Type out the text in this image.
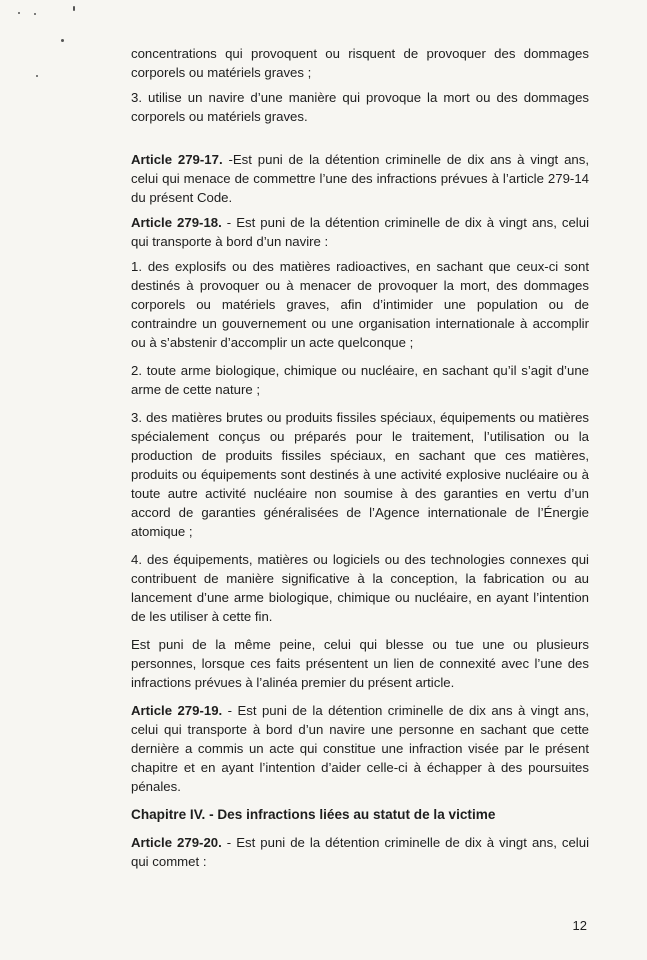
concentrations qui provoquent ou risquent de provoquer des dommages corporels ou matériels graves ;

3. utilise un navire d’une manière qui provoque la mort ou des dommages corporels ou matériels graves.

Article 279-17. -Est puni de la détention criminelle de dix ans à vingt ans, celui qui menace de commettre l’une des infractions prévues à l’article 279-14 du présent Code.

Article 279-18. - Est puni de la détention criminelle de dix à vingt ans, celui qui transporte à bord d’un navire :

1. des explosifs ou des matières radioactives, en sachant que ceux-ci sont destinés à provoquer ou à menacer de provoquer la mort, des dommages corporels ou matériels graves, afin d’intimider une population ou de contraindre un gouvernement ou une organisation internationale à accomplir ou à s’abstenir d’accomplir un acte quelconque ;

2. toute arme biologique, chimique ou nucléaire, en sachant qu’il s’agit d’une arme de cette nature ;

3. des matières brutes ou produits fissiles spéciaux, équipements ou matières spécialement conçus ou préparés pour le traitement, l’utilisation ou la production de produits fissiles spéciaux, en sachant que ces matières, produits ou équipements sont destinés à une activité explosive nucléaire ou à toute autre activité nucléaire non soumise à des garanties en vertu d’un accord de garanties généralisées de l’Agence internationale de l’Énergie atomique ;

4. des équipements, matières ou logiciels ou des technologies connexes qui contribuent de manière significative à la conception, la fabrication ou au lancement d’une arme biologique, chimique ou nucléaire, en ayant l’intention de les utiliser à cette fin.

Est puni de la même peine, celui qui blesse ou tue une ou plusieurs personnes, lorsque ces faits présentent un lien de connexité avec l’une des infractions prévues à l’alinéa premier du présent article.

Article 279-19. - Est puni de la détention criminelle de dix ans à vingt ans, celui qui transporte à bord d’un navire une personne en sachant que cette dernière a commis un acte qui constitue une infraction visée par le présent chapitre et en ayant l’intention d’aider celle-ci à échapper à des poursuites pénales.

Chapitre IV. - Des infractions liées au statut de la victime

Article 279-20. - Est puni de la détention criminelle de dix à vingt ans, celui qui commet :

12
